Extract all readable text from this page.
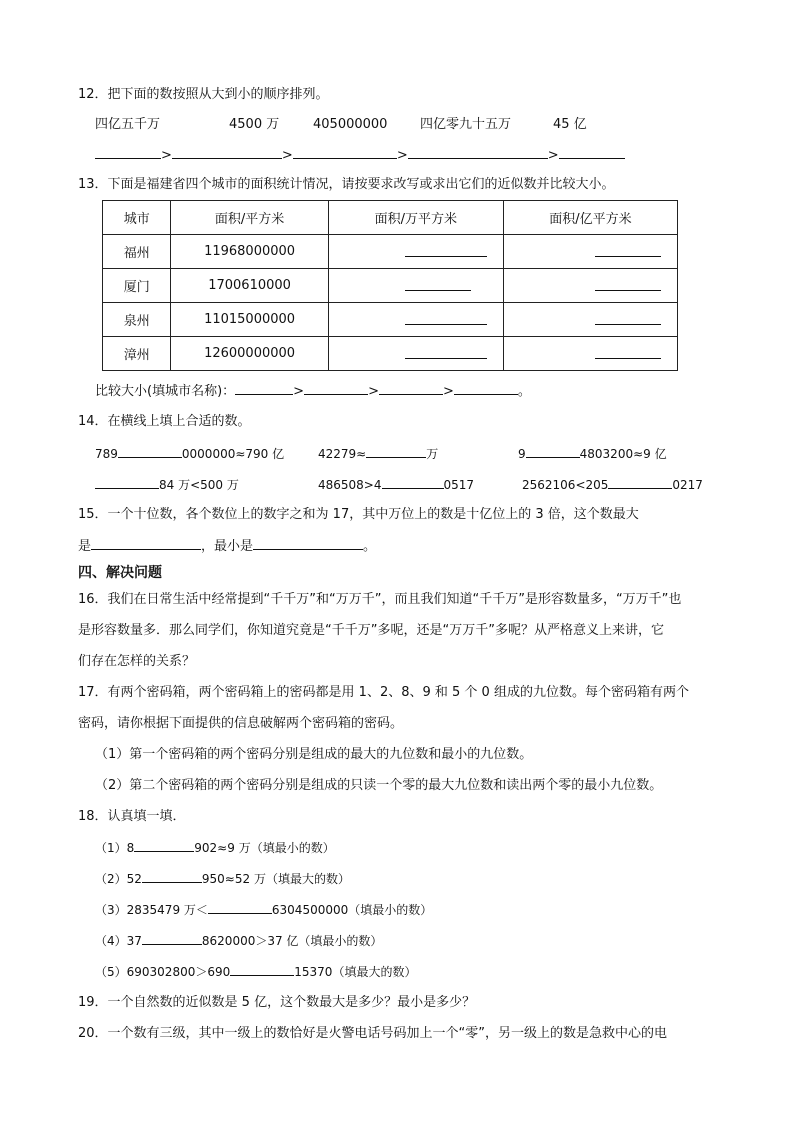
12．把下面的数按照从大到小的顺序排列。
四亿五千万	4500 万	405000000	四亿零九十五万	45 亿
>	>	>	>
13．下面是福建省四个城市的面积统计情况，请按要求改写或求出它们的近似数并比较大小。
城市	面积/平方米	面积/万平方米	面积/亿平方米
福州	11968000000		
厦门	1700610000		
泉州	11015000000		
漳州	12600000000		
比较大小(填城市名称)：	>	>	>	。
14．在横线上填上合适的数。
789	0000000≈790 亿	42279≈	万	9	4803200≈9 亿
84 万<500 万	486508>4	0517	2562106<205	0217
15．一个十位数，各个数位上的数字之和为 17，其中万位上的数是十亿位上的 3 倍，这个数最大
是	，最小是	。
四、解决问题
16．我们在日常生活中经常提到“千千万”和“万万千”，而且我们知道“千千万”是形容数量多，“万万千”也
是形容数量多．那么同学们，你知道究竟是“千千万”多呢，还是“万万千”多呢？从严格意义上来讲，它
们存在怎样的关系？
17．有两个密码箱，两个密码箱上的密码都是用 1、2、8、9 和 5 个 0 组成的九位数。每个密码箱有两个
密码，请你根据下面提供的信息破解两个密码箱的密码。
（1）第一个密码箱的两个密码分别是组成的最大的九位数和最小的九位数。
（2）第二个密码箱的两个密码分别是组成的只读一个零的最大九位数和读出两个零的最小九位数。
18．认真填一填．
（1）8	902≈9 万（填最小的数）
（2）52	950≈52 万（填最大的数）
（3）2835479 万＜	6304500000（填最小的数）
（4）37	8620000＞37 亿（填最小的数）
（5）690302800＞690	15370（填最大的数）
19．一个自然数的近似数是 5 亿，这个数最大是多少？最小是多少？
20．一个数有三级，其中一级上的数恰好是火警电话号码加上一个“零”，另一级上的数是急救中心的电
